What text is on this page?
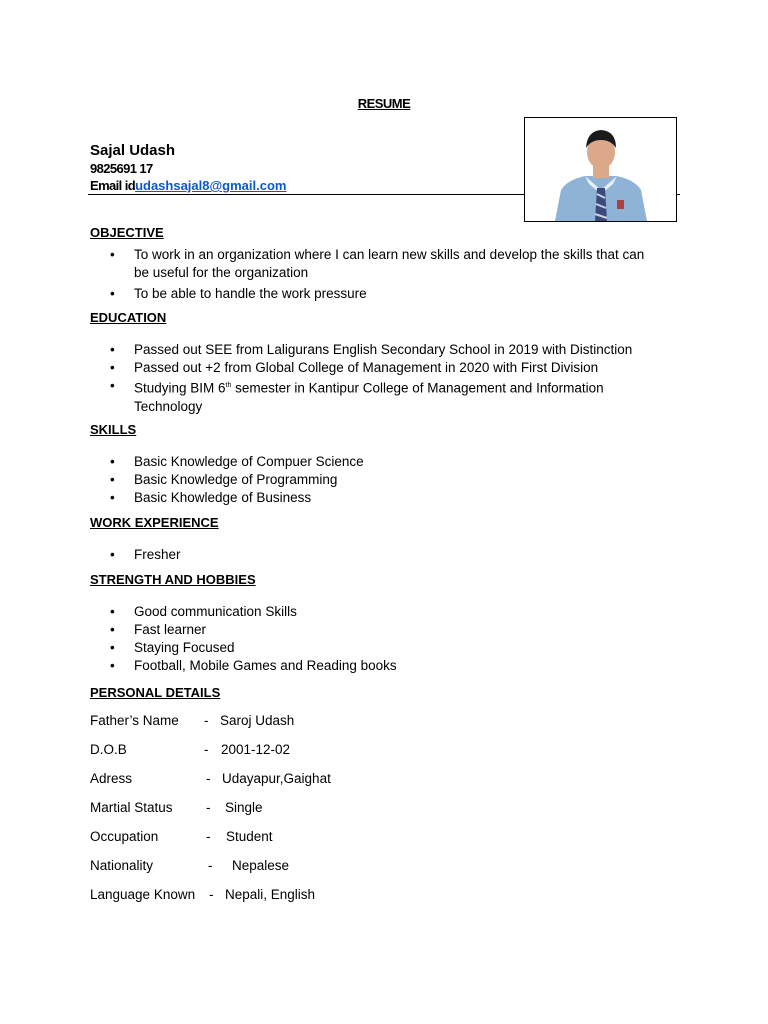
RESUME
Sajal Udash
9825691 17
Email idudashsajal8@gmail.com
OBJECTIVE
• To work in an organization where I can learn new skills and develop the skills that can be useful for the organization
• To be able to handle the work pressure
EDUCATION
• Passed out SEE from Laligurans English Secondary School in 2019 with Distinction
• Passed out +2 from Global College of Management in 2020 with First Division
• Studying BIM 6th semester in Kantipur College of Management and Information Technology
SKILLS
• Basic Knowledge of Compuer Science
• Basic Knowledge of Programming
• Basic Khowledge of Business
WORK EXPERIENCE
• Fresher
STRENGTH AND HOBBIES
• Good communication Skills
• Fast learner
• Staying Focused
• Football, Mobile Games and Reading books
PERSONAL DETAILS
Father’s Name - Saroj Udash
D.O.B	- 2001-12-02
Adress	- Udayapur,Gaighat
Martial Status - Single
Occupation	- Student
Nationality	- Nepalese
Language Known - Nepali, English
